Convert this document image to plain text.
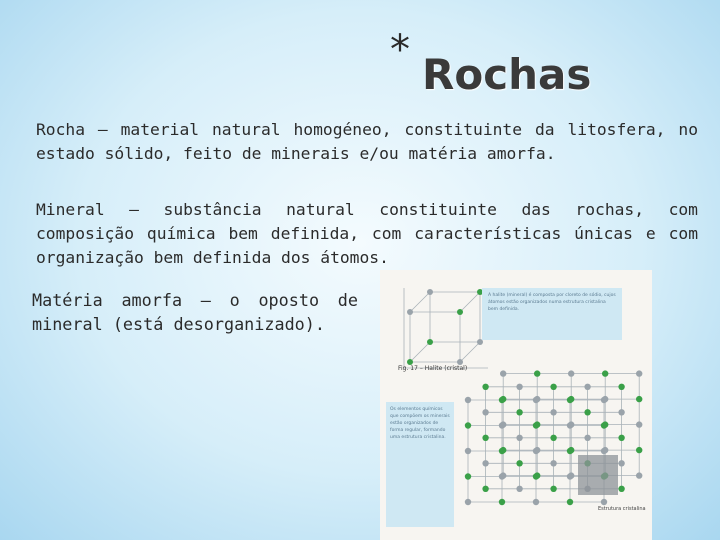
* Rochas
Rocha – material natural homogéneo, constituinte da litosfera, no estado sólido, feito de minerais e/ou matéria amorfa.
Mineral – substância natural constituinte das rochas, com composição química bem definida, com características únicas e com organização bem definida dos átomos.
Matéria amorfa – o oposto de mineral (está desorganizado).
A halite (mineral) é composta por cloreto de sódio, cujos átomos estão organizados numa estrutura cristalina bem definida.
Fig. 17 – Halite (cristal)
Os elementos químicos que compõem os minerais estão organizados de forma regular, formando uma estrutura cristalina.
Estrutura cristalina
